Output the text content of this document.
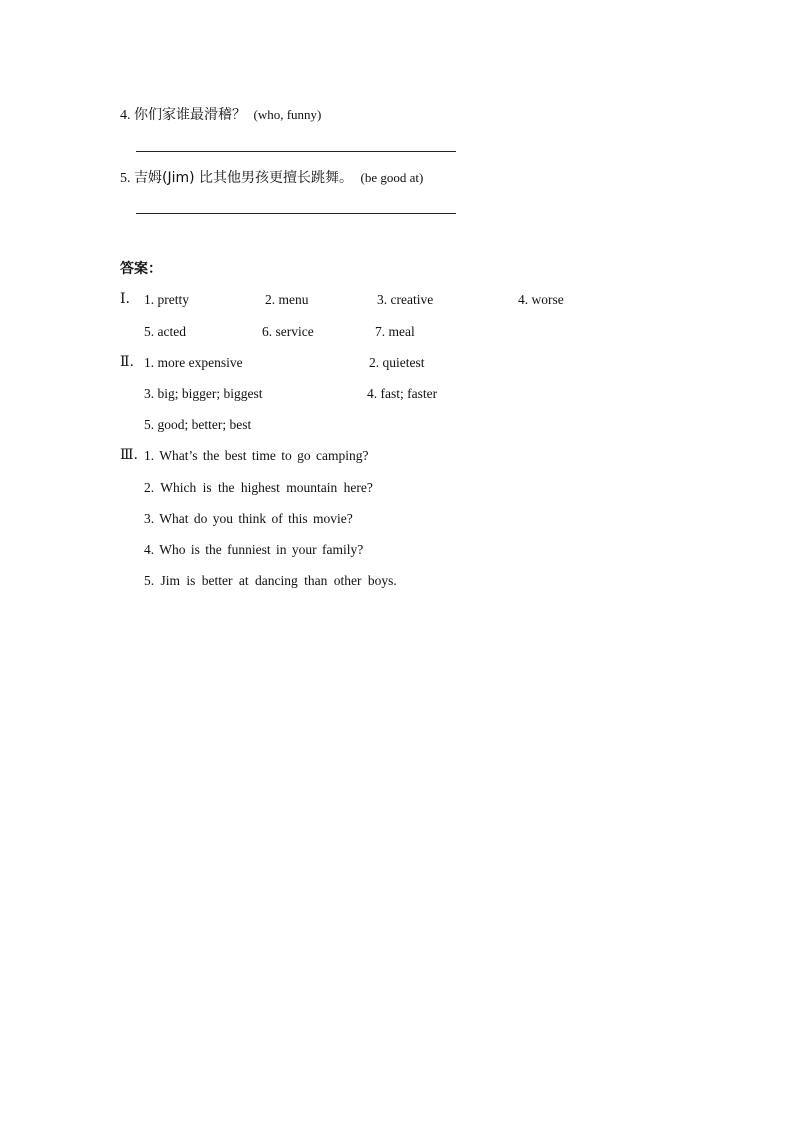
4. 你们家谁最滑稽？ (who, funny)
5. 吉姆(Jim) 比其他男孩更擅长跳舞。 (be good at)
答案：
Ⅰ. 1. pretty	2. menu	3. creative	4. worse
5. acted	6. service	7. meal
Ⅱ. 1. more expensive	2. quietest
3. big; bigger; biggest	4. fast; faster
5. good; better; best
Ⅲ. 1. What’s the best time to go camping?
2. Which is the highest mountain here?
3. What do you think of this movie?
4. Who is the funniest in your family?
5. Jim is better at dancing than other boys.
